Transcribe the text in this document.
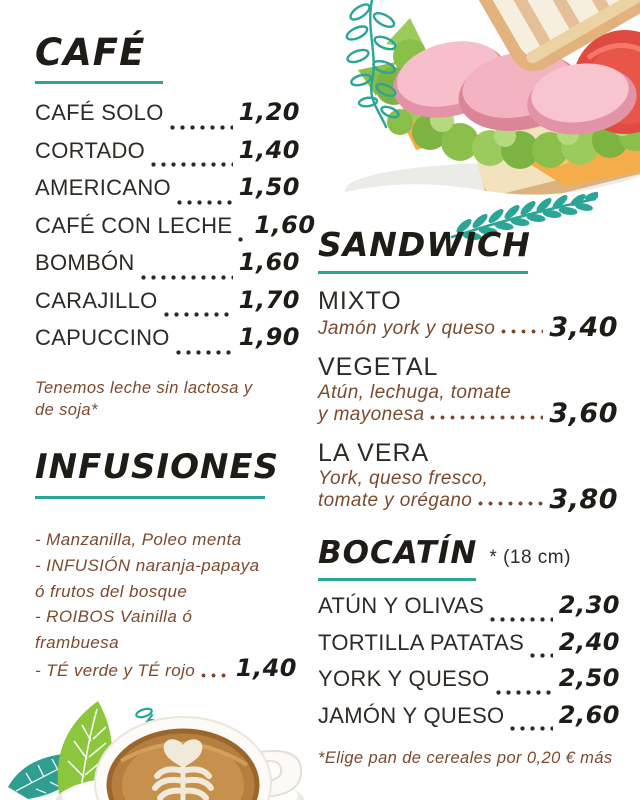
CAFÉ
CAFÉ SOLO	1,20
CORTADO	1,40
AMERICANO	1,50
CAFÉ CON LECHE 1,60
BOMBÓN	1,60
CARAJILLO	1,70
CAPUCCINO	1,90

Tenemos leche sin lactosa y

de soja*

INFUSIONES

- Manzanilla, Poleo menta

- INFUSIÓN naranja-papaya

ó frutos del bosque

- ROIBOS Vainilla ó

frambuesa

- TÉ verde y TÉ rojo 1,40
SANDWICH
MIXTO
Jamón york y queso 3,40
VEGETAL
Atún, lechuga, tomate
y mayonesa	3,60
LA VERA
York, queso fresco,
tomate y orégano	3,80
BOCATÍN * (18 cm)
ATÚN Y OLIVAS	2,30
TORTILLA PATATAS 2,40
YORK Y QUESO	2,50
JAMÓN Y QUESO 2,60
*Elige pan de cereales por 0,20 € más
